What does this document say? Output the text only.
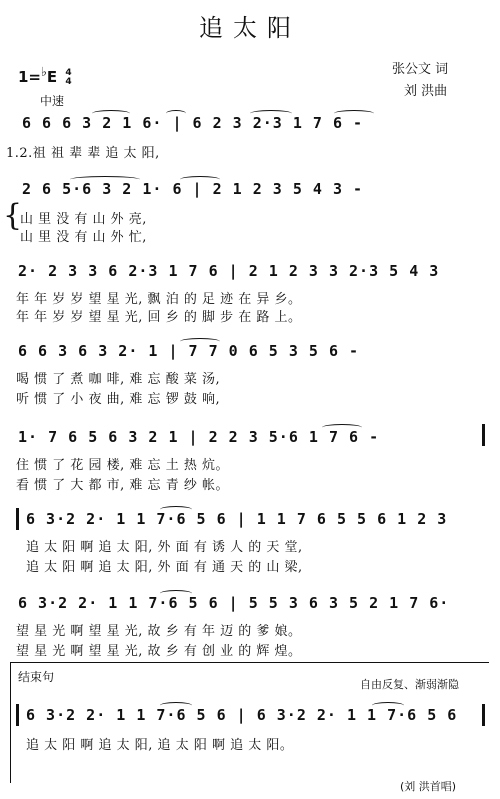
追太阳
1=♭E 4
4
张公文 词
刘 洪曲
中速
6 6 6 3 2 1 6· | 6 2 3 2·3 1 7 6 -
1.2.祖 祖 辈 辈 追 太 阳,
{
2 6 5·6 3 2 1· 6 | 2 1 2 3 5 4 3 -
山 里 没 有 山 外 亮,
山 里 没 有 山 外 忙,
2· 2 3 3 6 2·3 1 7 6 | 2 1 2 3 3 2·3 5 4 3
年 年 岁 岁 望 星 光, 飘 泊 的 足 迹 在 异 乡。
年 年 岁 岁 望 星 光, 回 乡 的 脚 步 在 路 上。
6 6 3 6 3 2· 1 | 7 7 0 6 5 3 5 6 -
喝 惯 了 煮 咖 啡, 难 忘 酸 菜 汤,
听 惯 了 小 夜 曲, 难 忘 锣 鼓 响,
1· 7 6 5 6 3 2 1 | 2 2 3 5·6 1 7 6 -
住 惯 了 花 园 楼, 难 忘 土 热 炕。
看 惯 了 大 都 市, 难 忘 青 纱 帐。
6 3·2 2· 1 1 7·6 5 6 | 1 1 7 6 5 5 6 1 2 3
追 太 阳 啊 追 太 阳, 外 面 有 诱 人 的 天 堂,
追 太 阳 啊 追 太 阳, 外 面 有 通 天 的 山 梁,
6 3·2 2· 1 1 7·6 5 6 | 5 5 3 6 3 5 2 1 7 6·
望 星 光 啊 望 星 光, 故 乡 有 年 迈 的 爹 娘。
望 星 光 啊 望 星 光, 故 乡 有 创 业 的 辉 煌。
结束句
自由反复、渐弱渐隐
6 3·2 2· 1 1 7·6 5 6 | 6 3·2 2· 1 1 7·6 5 6
追 太 阳 啊 追 太 阳, 追 太 阳 啊 追 太 阳。
(刘 洪首唱)
